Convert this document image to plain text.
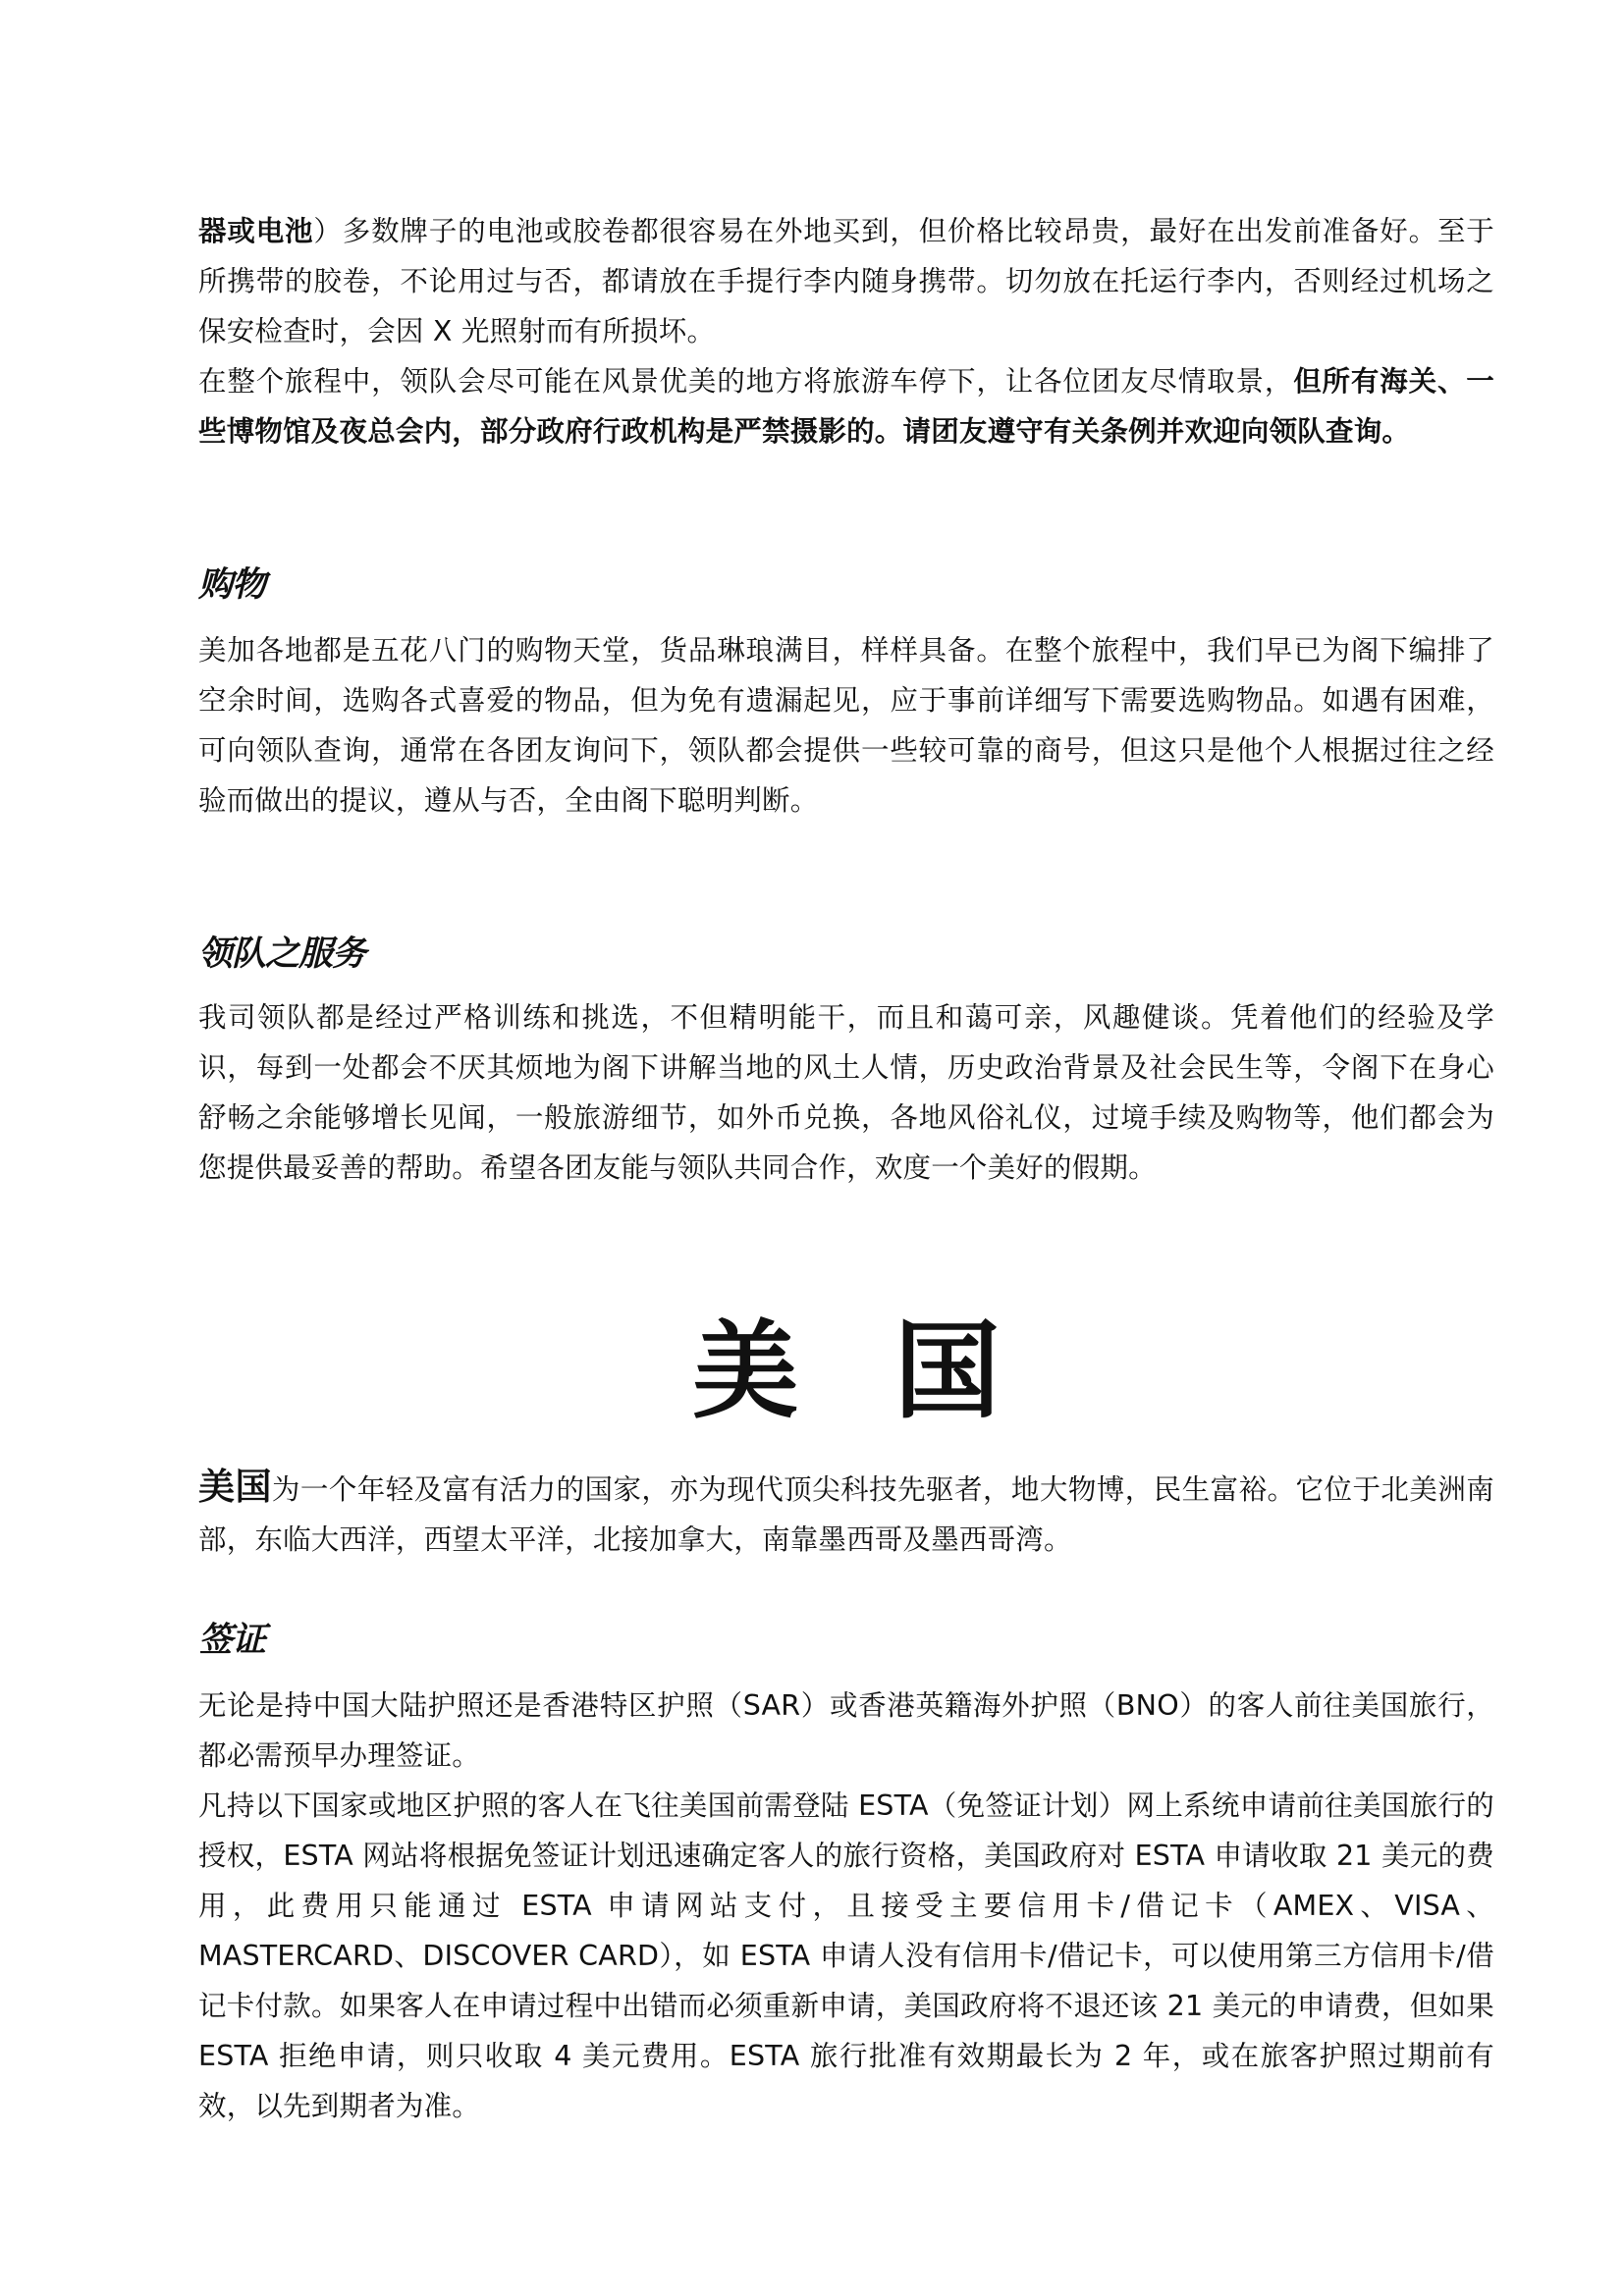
器或电池）多数牌子的电池或胶卷都很容易在外地买到，但价格比较昂贵，最好在出发前准备好。至于所携带的胶卷，不论用过与否，都请放在手提行李内随身携带。切勿放在托运行李内，否则经过机场之保安检查时，会因 X 光照射而有所损坏。

在整个旅程中，领队会尽可能在风景优美的地方将旅游车停下，让各位团友尽情取景，但所有海关、一些博物馆及夜总会内，部分政府行政机构是严禁摄影的。请团友遵守有关条例并欢迎向领队查询。

购物

美加各地都是五花八门的购物天堂，货品琳琅满目，样样具备。在整个旅程中，我们早已为阁下编排了空余时间，选购各式喜爱的物品，但为免有遗漏起见，应于事前详细写下需要选购物品。如遇有困难，可向领队查询，通常在各团友询问下，领队都会提供一些较可靠的商号，但这只是他个人根据过往之经验而做出的提议，遵从与否，全由阁下聪明判断。

领队之服务

我司领队都是经过严格训练和挑选，不但精明能干，而且和蔼可亲，风趣健谈。凭着他们的经验及学识，每到一处都会不厌其烦地为阁下讲解当地的风土人情，历史政治背景及社会民生等，令阁下在身心舒畅之余能够增长见闻，一般旅游细节，如外币兑换，各地风俗礼仪，过境手续及购物等，他们都会为您提供最妥善的帮助。希望各团友能与领队共同合作，欢度一个美好的假期。

美 国

美国为一个年轻及富有活力的国家，亦为现代顶尖科技先驱者，地大物博，民生富裕。它位于北美洲南部，东临大西洋，西望太平洋，北接加拿大，南靠墨西哥及墨西哥湾。

签证

无论是持中国大陆护照还是香港特区护照（SAR）或香港英籍海外护照（BNO）的客人前往美国旅行，都必需预早办理签证。

凡持以下国家或地区护照的客人在飞往美国前需登陆 ESTA（免签证计划）网上系统申请前往美国旅行的授权，ESTA 网站将根据免签证计划迅速确定客人的旅行资格，美国政府对 ESTA 申请收取 21 美元的费用，此费用只能通过 ESTA 申请网站支付，且接受主要信用卡/借记卡（AMEX、VISA、MASTERCARD、DISCOVER CARD），如 ESTA 申请人没有信用卡/借记卡，可以使用第三方信用卡/借记卡付款。如果客人在申请过程中出错而必须重新申请，美国政府将不退还该 21 美元的申请费，但如果 ESTA 拒绝申请，则只收取 4 美元费用。ESTA 旅行批准有效期最长为 2 年，或在旅客护照过期前有效，以先到期者为准。
